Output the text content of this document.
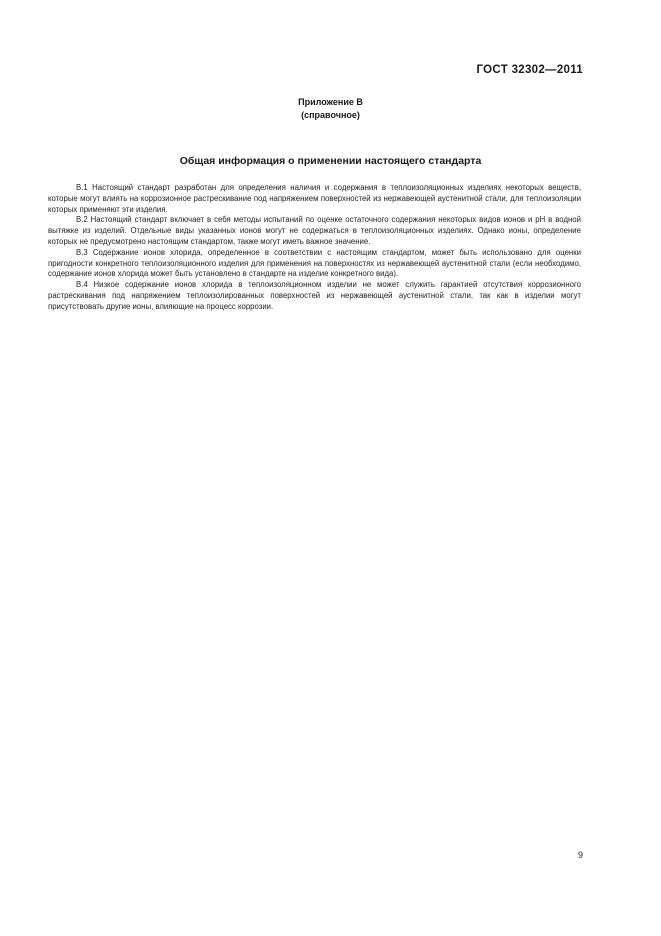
ГОСТ 32302—2011
Приложение В
(справочное)
Общая информация о применении настоящего стандарта

В.1 Настоящий стандарт разработан для определения наличия и содержания в теплоизоляционных изделиях некоторых веществ, которые могут влиять на коррозионное растрескивание под напряжением поверхностей из нержавеющей аустенитной стали, для теплоизоляции которых применяют эти изделия.

В.2 Настоящий стандарт включает в себя методы испытаний по оценке остаточного содержания некоторых видов ионов и pH в водной вытяжке из изделий. Отдельные виды указанных ионов могут не содержаться в теплоизоляционных изделиях. Однако ионы, определение которых не предусмотрено настоящим стандартом, также могут иметь важное значение.

В.3 Содержание ионов хлорида, определенное в соответствии с настоящим стандартом, может быть использовано для оценки пригодности конкретного теплоизоляционного изделия для применения на поверхностях из нержавеющей аустенитной стали (если необходимо, содержание ионов хлорида может быть установлено в стандарте на изделие конкретного вида).

В.4 Низкое содержание ионов хлорида в теплоизоляционном изделии не может служить гарантией отсутствия коррозионного растрескивания под напряжением теплоизолированных поверхностей из нержавеющей аустенитной стали, так как в изделии могут присутствовать другие ионы, влияющие на процесс коррозии.

9
